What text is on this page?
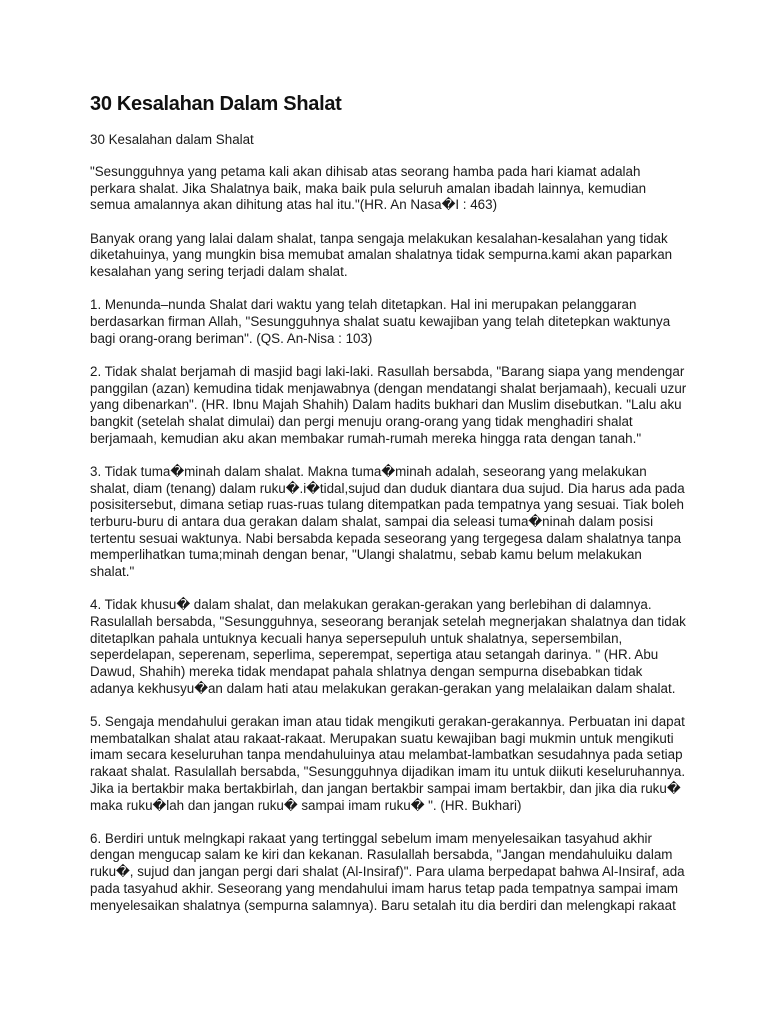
30 Kesalahan Dalam Shalat

30 Kesalahan dalam Shalat

"Sesungguhnya yang petama kali akan dihisab atas seorang hamba pada hari kiamat adalah
perkara shalat. Jika Shalatnya baik, maka baik pula seluruh amalan ibadah lainnya, kemudian
semua amalannya akan dihitung atas hal itu."(HR. An Nasa�I : 463)

Banyak orang yang lalai dalam shalat, tanpa sengaja melakukan kesalahan-kesalahan yang tidak
diketahuinya, yang mungkin bisa memubat amalan shalatnya tidak sempurna.kami akan paparkan
kesalahan yang sering terjadi dalam shalat.

1. Menunda–nunda Shalat dari waktu yang telah ditetapkan. Hal ini merupakan pelanggaran
berdasarkan firman Allah, "Sesungguhnya shalat suatu kewajiban yang telah ditetepkan waktunya
bagi orang-orang beriman". (QS. An-Nisa : 103)

2. Tidak shalat berjamah di masjid bagi laki-laki. Rasullah bersabda, "Barang siapa yang mendengar
panggilan (azan) kemudina tidak menjawabnya (dengan mendatangi shalat berjamaah), kecuali uzur
yang dibenarkan". (HR. Ibnu Majah Shahih) Dalam hadits bukhari dan Muslim disebutkan. "Lalu aku
bangkit (setelah shalat dimulai) dan pergi menuju orang-orang yang tidak menghadiri shalat
berjamaah, kemudian aku akan membakar rumah-rumah mereka hingga rata dengan tanah."

3. Tidak tuma�minah dalam shalat. Makna tuma�minah adalah, seseorang yang melakukan
shalat, diam (tenang) dalam ruku�.i�tidal,sujud dan duduk diantara dua sujud. Dia harus ada pada
posisitersebut, dimana setiap ruas-ruas tulang ditempatkan pada tempatnya yang sesuai. Tiak boleh
terburu-buru di antara dua gerakan dalam shalat, sampai dia seleasi tuma�ninah dalam posisi
tertentu sesuai waktunya. Nabi bersabda kepada seseorang yang tergegesa dalam shalatnya tanpa
memperlihatkan tuma;minah dengan benar, "Ulangi shalatmu, sebab kamu belum melakukan
shalat."

4. Tidak khusu� dalam shalat, dan melakukan gerakan-gerakan yang berlebihan di dalamnya.
Rasulallah bersabda, "Sesungguhnya, seseorang beranjak setelah megnerjakan shalatnya dan tidak
ditetaplkan pahala untuknya kecuali hanya sepersepuluh untuk shalatnya, sepersembilan,
seperdelapan, seperenam, seperlima, seperempat, sepertiga atau setangah darinya. " (HR. Abu
Dawud, Shahih) mereka tidak mendapat pahala shlatnya dengan sempurna disebabkan tidak
adanya kekhusyu�an dalam hati atau melakukan gerakan-gerakan yang melalaikan dalam shalat.

5. Sengaja mendahului gerakan iman atau tidak mengikuti gerakan-gerakannya. Perbuatan ini dapat
membatalkan shalat atau rakaat-rakaat. Merupakan suatu kewajiban bagi mukmin untuk mengikuti
imam secara keseluruhan tanpa mendahuluinya atau melambat-lambatkan sesudahnya pada setiap
rakaat shalat. Rasulallah bersabda, "Sesungguhnya dijadikan imam itu untuk diikuti keseluruhannya.
Jika ia bertakbir maka bertakbirlah, dan jangan bertakbir sampai imam bertakbir, dan jika dia ruku�
maka ruku�lah dan jangan ruku� sampai imam ruku� ". (HR. Bukhari)

6. Berdiri untuk melngkapi rakaat yang tertinggal sebelum imam menyelesaikan tasyahud akhir
dengan mengucap salam ke kiri dan kekanan. Rasulallah bersabda, "Jangan mendahuluiku dalam
ruku�, sujud dan jangan pergi dari shalat (Al-Insiraf)". Para ulama berpedapat bahwa Al-Insiraf, ada
pada tasyahud akhir. Seseorang yang mendahului imam harus tetap pada tempatnya sampai imam
menyelesaikan shalatnya (sempurna salamnya). Baru setalah itu dia berdiri dan melengkapi rakaat
